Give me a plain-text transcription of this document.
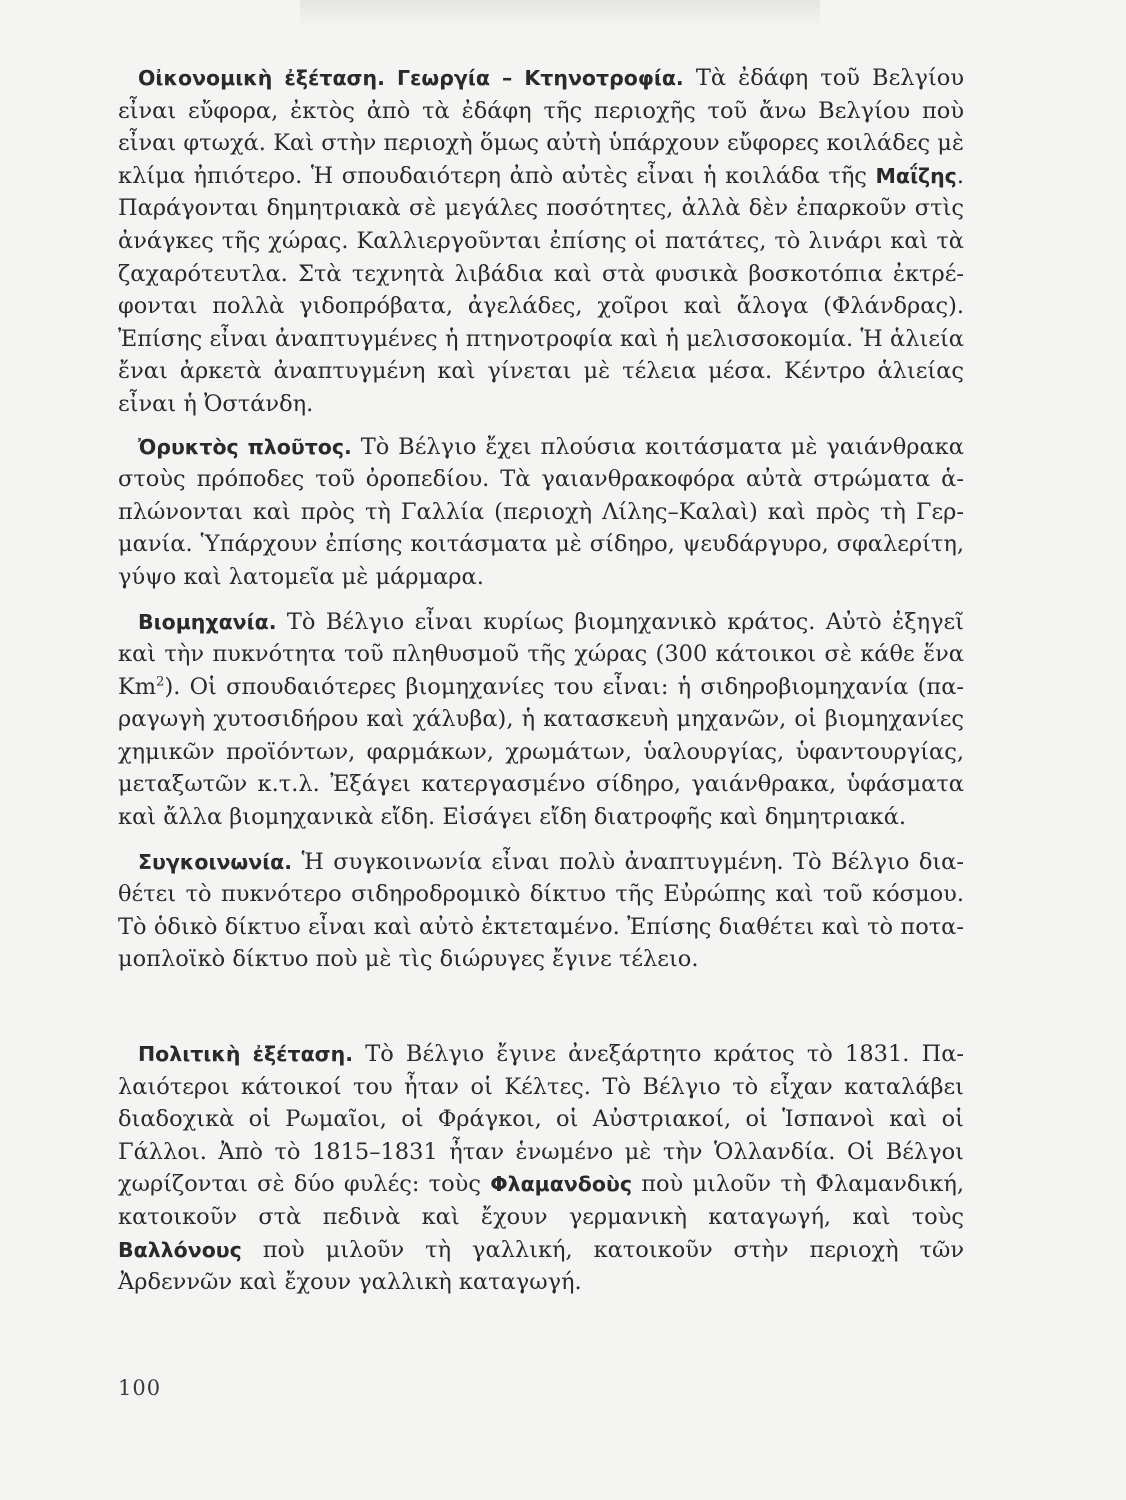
Οἰκονομικὴ ἐξέταση. Γεωργία – Κτηνοτροφία. Τὰ ἐδάφη τοῦ Βελγίου εἶναι εὔφορα, ἐκτὸς ἀπὸ τὰ ἐδάφη τῆς περιοχῆς τοῦ ἄνω Βελγίου ποὺ εἶναι φτωχά. Καὶ στὴν περιοχὴ ὅμως αὐτὴ ὑπάρχουν εὔφορες κοιλάδες μὲ κλίμα ἠπιότερο. Ἡ σπουδαιότερη ἀπὸ αὐτὲς εἶναι ἡ κοιλάδα τῆς Μαΐζης. Παράγονται δημητριακὰ σὲ μεγάλες ποσότητες, ἀλλὰ δὲν ἐπαρκοῦν στὶς ἀνάγκες τῆς χώρας. Καλλιεργοῦνται ἐπίσης οἱ πατάτες, τὸ λινάρι καὶ τὰ ζαχαρότευτλα. Στὰ τεχνητὰ λιβάδια καὶ στὰ φυσικὰ βοσκοτόπια ἐκτρέφονται πολλὰ γιδοπρόβατα, ἀγελάδες, χοῖροι καὶ ἄλογα (Φλάνδρας). Ἐπίσης εἶναι ἀναπτυγμένες ἡ πτηνοτροφία καὶ ἡ μελισσοκομία. Ἡ ἁλιεία ἔναι ἀρκετὰ ἀναπτυγμένη καὶ γίνεται μὲ τέλεια μέσα. Κέντρο ἁλιείας εἶναι ἡ Ὀστάνδη.

Ὀρυκτὸς πλοῦτος. Τὸ Βέλγιο ἔχει πλούσια κοιτάσματα μὲ γαιάνθρακα στοὺς πρόποδες τοῦ ὀροπεδίου. Τὰ γαιανθρακοφόρα αὐτὰ στρώματα ἁπλώνονται καὶ πρὸς τὴ Γαλλία (περιοχὴ Λίλης–Καλαὶ) καὶ πρὸς τὴ Γερμανία. Ὑπάρχουν ἐπίσης κοιτάσματα μὲ σίδηρο, ψευδάργυρο, σφαλερίτη, γύψο καὶ λατομεῖα μὲ μάρμαρα.

Βιομηχανία. Τὸ Βέλγιο εἶναι κυρίως βιομηχανικὸ κράτος. Αὐτὸ ἐξηγεῖ καὶ τὴν πυκνότητα τοῦ πληθυσμοῦ τῆς χώρας (300 κάτοικοι σὲ κάθε ἕνα Km$^2$). Οἱ σπουδαιότερες βιομηχανίες του εἶναι: ἡ σιδηροβιομηχανία (παραγωγὴ χυτοσιδήρου καὶ χάλυβα), ἡ κατασκευὴ μηχανῶν, οἱ βιομηχανίες χημικῶν προϊόντων, φαρμάκων, χρωμάτων, ὑαλουργίας, ὑφαντουργίας, μεταξωτῶν κ.τ.λ. Ἐξάγει κατεργασμένο σίδηρο, γαιάνθρακα, ὑφάσματα καὶ ἄλλα βιομηχανικὰ εἴδη. Εἰσάγει εἴδη διατροφῆς καὶ δημητριακά.

Συγκοινωνία. Ἡ συγκοινωνία εἶναι πολὺ ἀναπτυγμένη. Τὸ Βέλγιο διαθέτει τὸ πυκνότερο σιδηροδρομικὸ δίκτυο τῆς Εὐρώπης καὶ τοῦ κόσμου. Τὸ ὁδικὸ δίκτυο εἶναι καὶ αὐτὸ ἐκτεταμένο. Ἐπίσης διαθέτει καὶ τὸ ποταμοπλοϊκὸ δίκτυο ποὺ μὲ τὶς διώρυγες ἔγινε τέλειο.

Πολιτικὴ ἐξέταση. Τὸ Βέλγιο ἔγινε ἀνεξάρτητο κράτος τὸ 1831. Παλαιότεροι κάτοικοί του ἦταν οἱ Κέλτες. Τὸ Βέλγιο τὸ εἶχαν καταλάβει διαδοχικὰ οἱ Ρωμαῖοι, οἱ Φράγκοι, οἱ Αὐστριακοί, οἱ Ἱσπανοὶ καὶ οἱ Γάλλοι. Ἀπὸ τὸ 1815–1831 ἦταν ἑνωμένο μὲ τὴν Ὁλλανδία. Οἱ Βέλγοι χωρίζονται σὲ δύο φυλές: τοὺς Φλαμανδοὺς ποὺ μιλοῦν τὴ Φλαμανδική, κατοικοῦν στὰ πεδινὰ καὶ ἔχουν γερμανικὴ καταγωγή, καὶ τοὺς Βαλλόνους ποὺ μιλοῦν τὴ γαλλική, κατοικοῦν στὴν περιοχὴ τῶν Ἀρδεννῶν καὶ ἔχουν γαλλικὴ καταγωγή.

100
